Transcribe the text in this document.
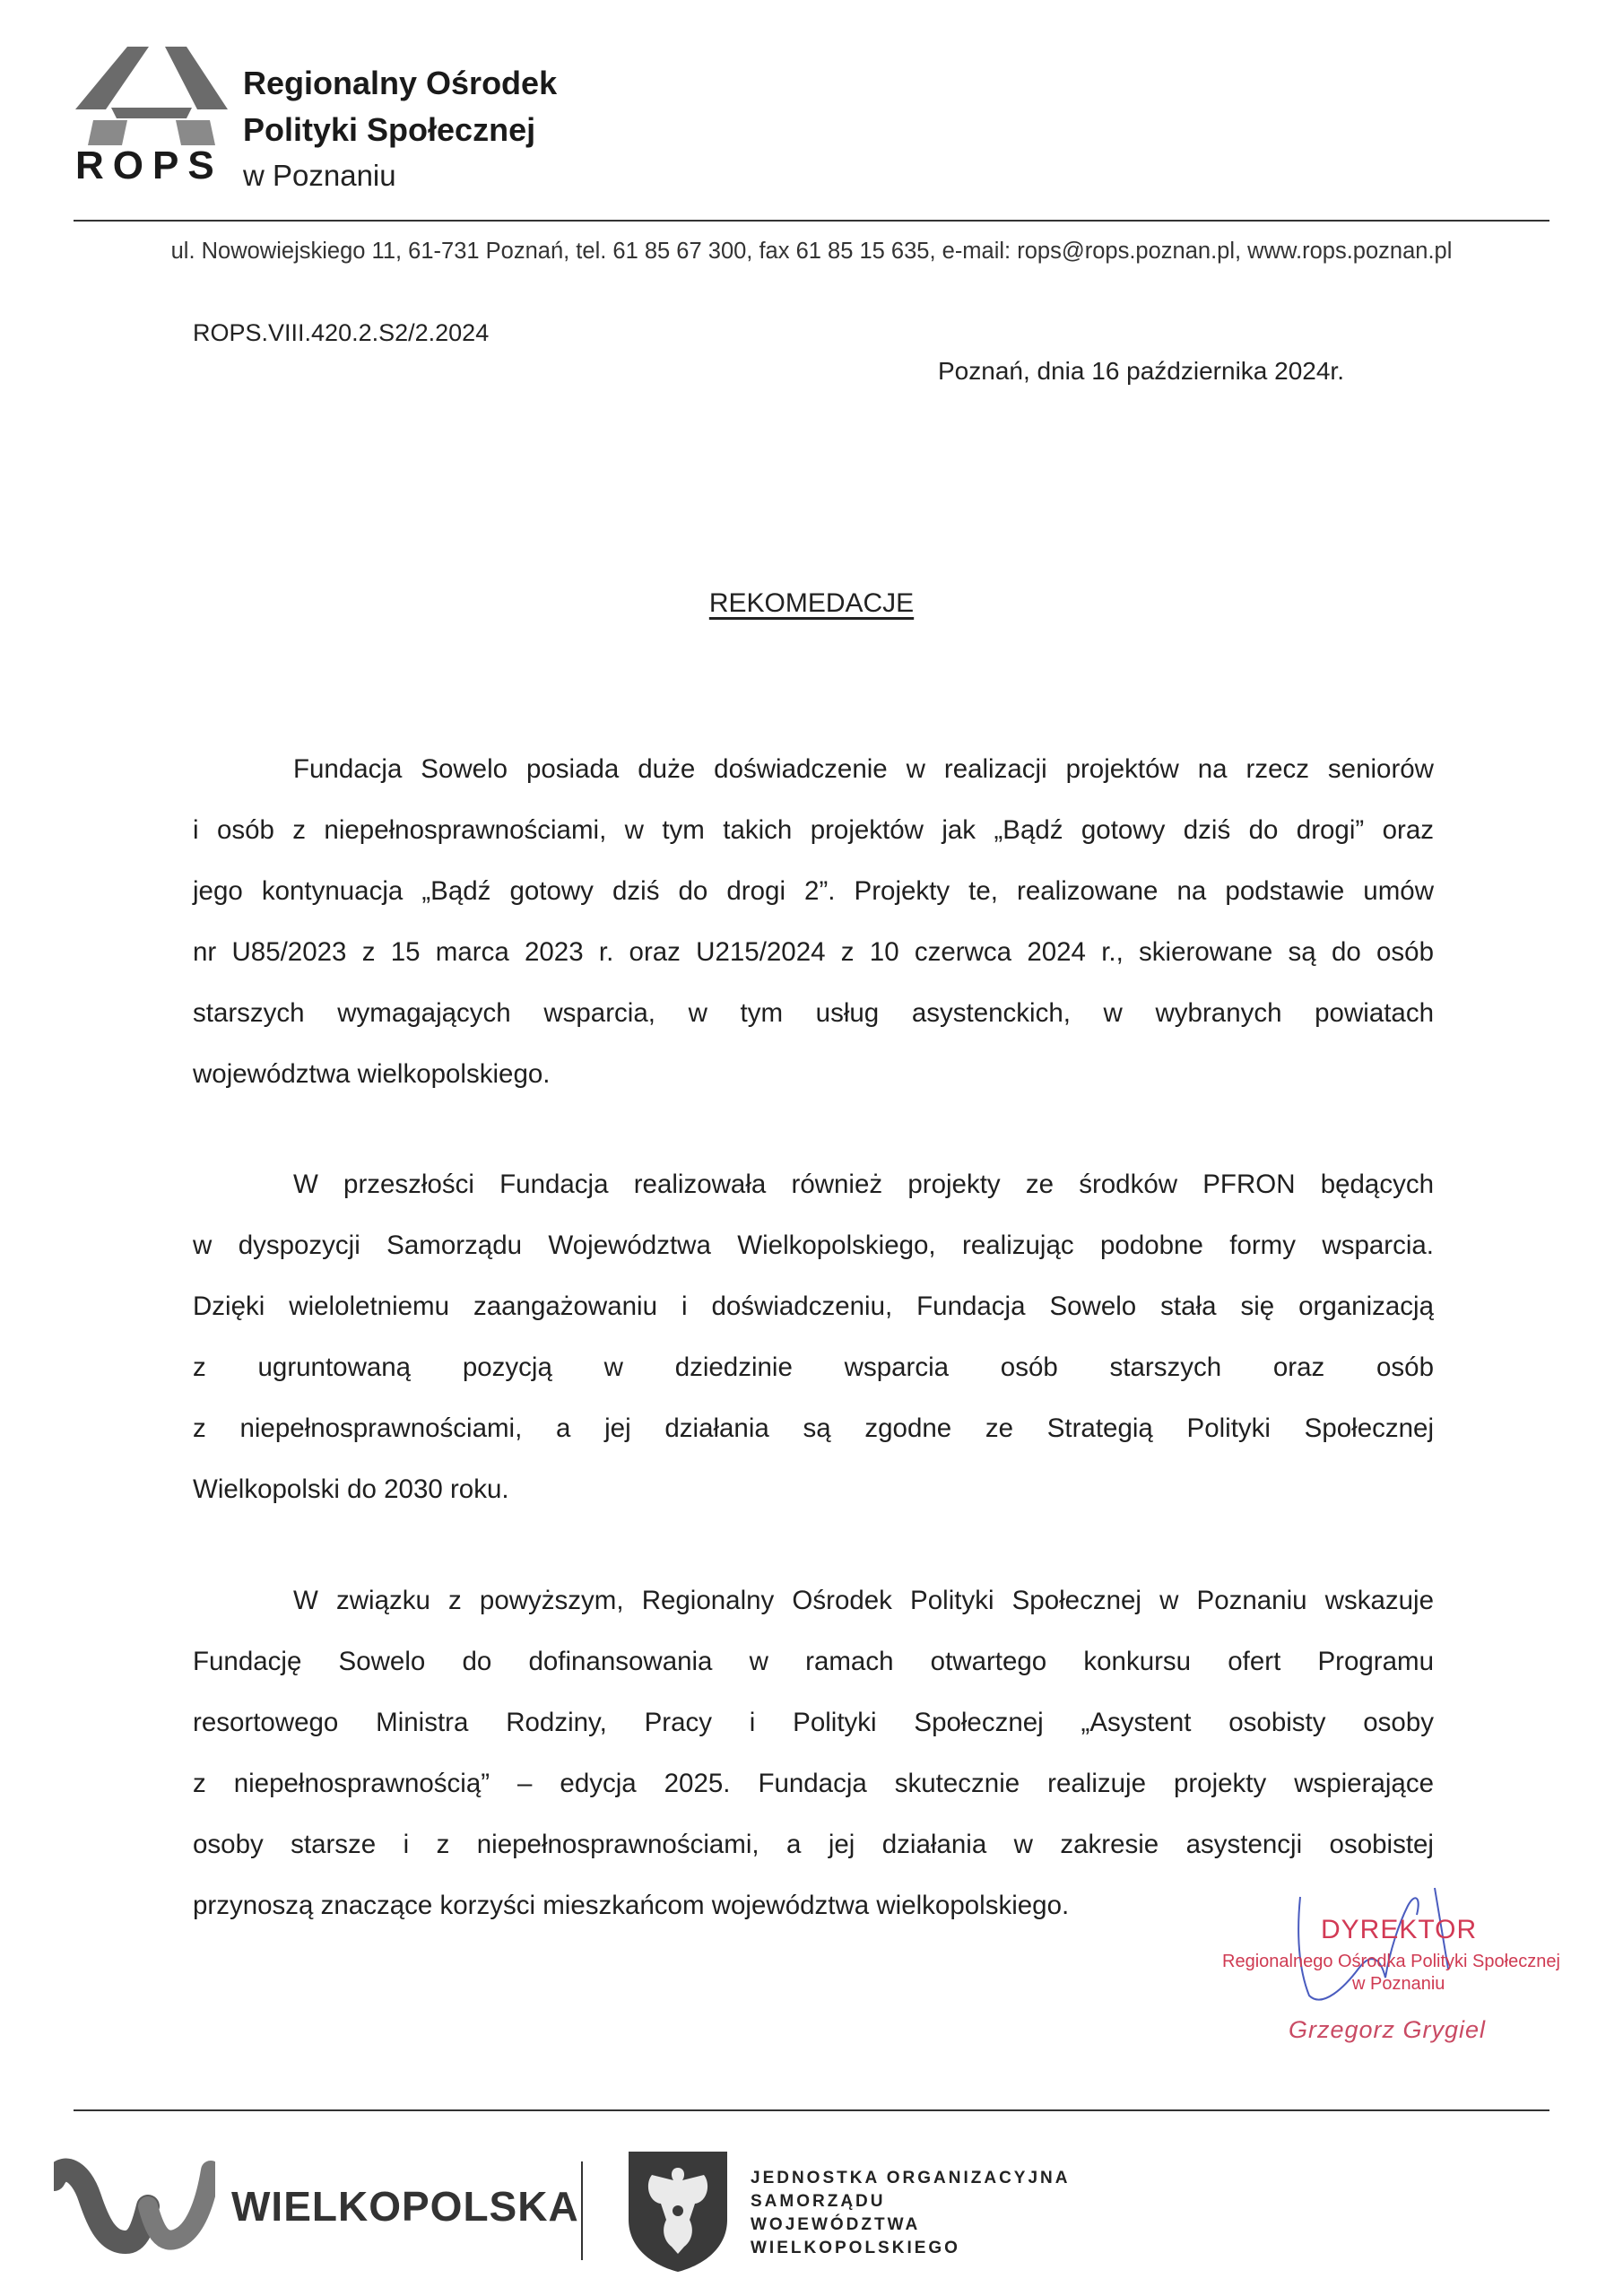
ROPS
Regionalny Ośrodek
Polityki Społecznej
w Poznaniu
ul. Nowowiejskiego 11, 61-731 Poznań, tel. 61 85 67 300, fax 61 85 15 635, e-mail: rops@rops.poznan.pl, www.rops.poznan.pl
ROPS.VIII.420.2.S2/2.2024
Poznań, dnia 16 października 2024r.
REKOMEDACJE
Fundacja Sowelo posiada duże doświadczenie w realizacji projektów na rzecz seniorów
i osób z niepełnosprawnościami, w tym takich projektów jak „Bądź gotowy dziś do drogi” oraz
jego kontynuacja „Bądź gotowy dziś do drogi 2”. Projekty te, realizowane na podstawie umów
nr U85/2023 z 15 marca 2023 r. oraz U215/2024 z 10 czerwca 2024 r., skierowane są do osób
starszych wymagających wsparcia, w tym usług asystenckich, w wybranych powiatach
województwa wielkopolskiego.
W przeszłości Fundacja realizowała również projekty ze środków PFRON będących
w dyspozycji Samorządu Województwa Wielkopolskiego, realizując podobne formy wsparcia.
Dzięki wieloletniemu zaangażowaniu i doświadczeniu, Fundacja Sowelo stała się organizacją
z ugruntowaną pozycją w dziedzinie wsparcia osób starszych oraz osób
z niepełnosprawnościami, a jej działania są zgodne ze Strategią Polityki Społecznej
Wielkopolski do 2030 roku.
W związku z powyższym, Regionalny Ośrodek Polityki Społecznej w Poznaniu wskazuje
Fundację Sowelo do dofinansowania w ramach otwartego konkursu ofert Programu
resortowego Ministra Rodziny, Pracy i Polityki Społecznej „Asystent osobisty osoby
z niepełnosprawnością” – edycja 2025. Fundacja skutecznie realizuje projekty wspierające
osoby starsze i z niepełnosprawnościami, a jej działania w zakresie asystencji osobistej
przynoszą znaczące korzyści mieszkańcom województwa wielkopolskiego.
DYREKTOR
Regionalnego Ośrodka Polityki Społecznej
w Poznaniu
Grzegorz Grygiel
WIELKOPOLSKA
JEDNOSTKA ORGANIZACYJNA
SAMORZĄDU
WOJEWÓDZTWA
WIELKOPOLSKIEGO
